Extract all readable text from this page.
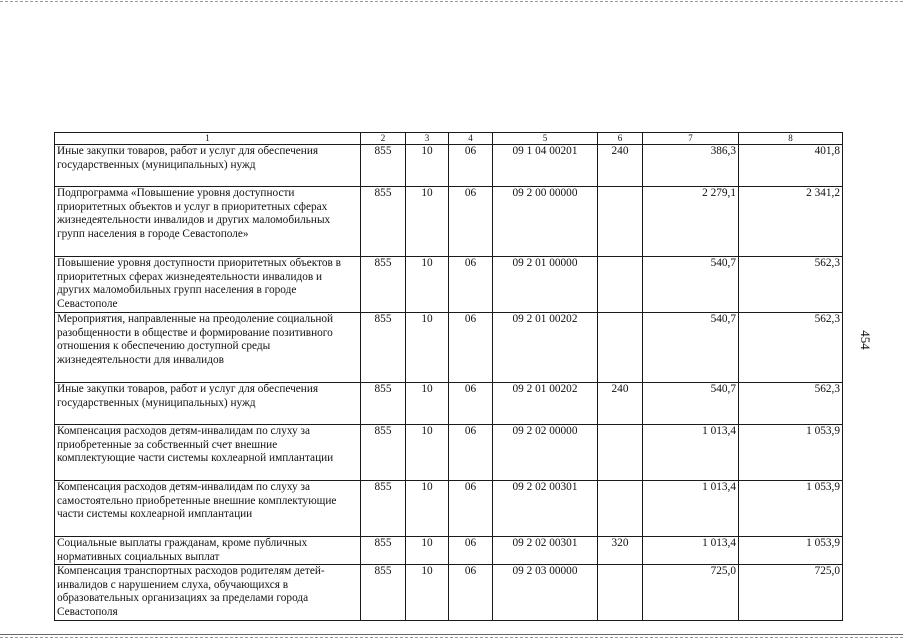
454
1	2	3	4	5	6	7	8
Иные закупки товаров, работ и услуг для обеспечения государственных (муниципальных) нужд	855	10	06	09 1 04 00201	240	386,3	401,8
Подпрограмма «Повышение уровня доступности приоритетных объектов и услуг в приоритетных сферах жизнедеятельности инвалидов и других маломобильных групп населения в городе Севастополе»	855	10	06	09 2 00 00000		2 279,1	2 341,2
Повышение уровня доступности приоритетных объектов в приоритетных сферах жизнедеятельности инвалидов и других маломобильных групп населения в городе Севастополе	855	10	06	09 2 01 00000		540,7	562,3
Мероприятия, направленные на преодоление социальной разобщенности в обществе и формирование позитивного отношения к обеспечению доступной среды жизнедеятельности для инвалидов	855	10	06	09 2 01 00202		540,7	562,3
Иные закупки товаров, работ и услуг для обеспечения государственных (муниципальных) нужд	855	10	06	09 2 01 00202	240	540,7	562,3
Компенсация расходов детям-инвалидам по слуху за приобретенные за собственный счет внешние комплектующие части системы кохлеарной имплантации	855	10	06	09 2 02 00000		1 013,4	1 053,9
Компенсация расходов детям-инвалидам по слуху за самостоятельно приобретенные внешние комплектующие части системы кохлеарной имплантации	855	10	06	09 2 02 00301		1 013,4	1 053,9
Социальные выплаты гражданам, кроме публичных нормативных социальных выплат	855	10	06	09 2 02 00301	320	1 013,4	1 053,9
Компенсация транспортных расходов родителям детей-инвалидов с нарушением слуха, обучающихся в образовательных организациях за пределами города Севастополя	855	10	06	09 2 03 00000		725,0	725,0
